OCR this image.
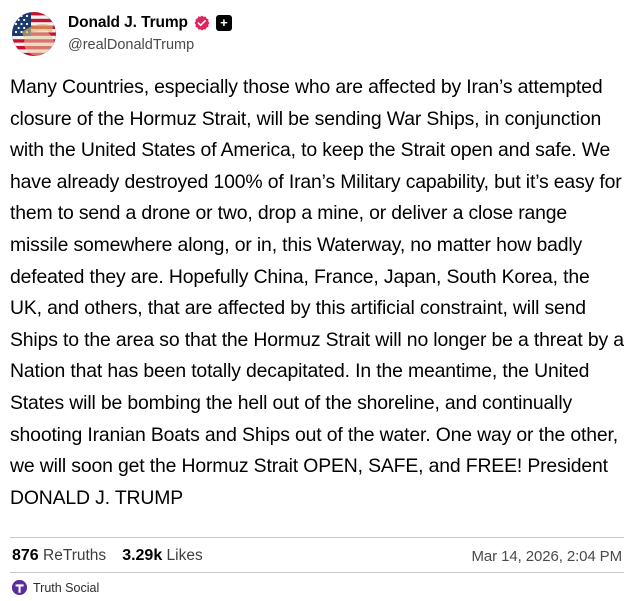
Donald J. Trump	+
@realDonaldTrump
Many Countries, especially those who are affected by Iran’s attempted closure of the Hormuz Strait, will be sending War Ships, in conjunction with the United States of America, to keep the Strait open and safe. We have already destroyed 100% of Iran’s Military capability, but it’s easy for them to send a drone or two, drop a mine, or deliver a close range missile somewhere along, or in, this Waterway, no matter how badly defeated they are. Hopefully China, France, Japan, South Korea, the UK, and others, that are affected by this artificial constraint, will send Ships to the area so that the Hormuz Strait will no longer be a threat by a Nation that has been totally decapitated. In the meantime, the United States will be bombing the hell out of the shoreline, and continually shooting Iranian Boats and Ships out of the water. One way or the other, we will soon get the Hormuz Strait OPEN, SAFE, and FREE! President DONALD J. TRUMP
876 ReTruths 3.29k Likes	Mar 14, 2026, 2:04 PM
Truth Social
